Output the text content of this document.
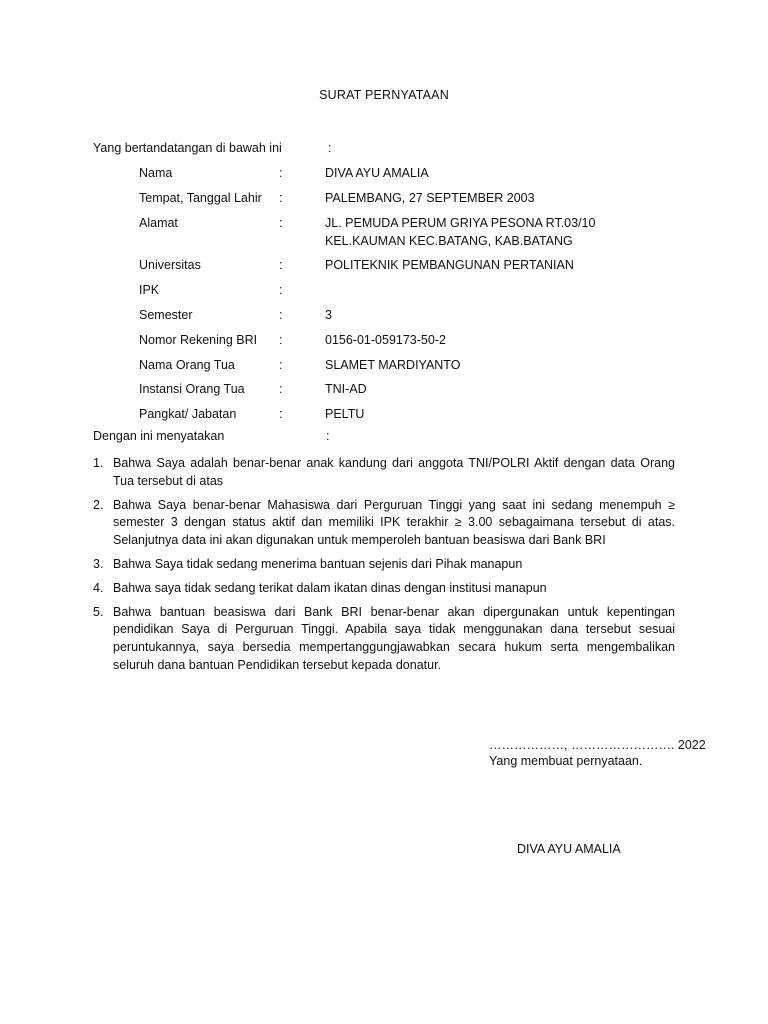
SURAT PERNYATAAN
Yang bertandatangan di bawah ini	:
Nama	:	DIVA AYU AMALIA
Tempat, Tanggal Lahir	:	PALEMBANG, 27 SEPTEMBER 2003
Alamat	:	JL. PEMUDA PERUM GRIYA PESONA RT.03/10 KEL.KAUMAN KEC.BATANG, KAB.BATANG
Universitas	:	POLITEKNIK PEMBANGUNAN PERTANIAN
IPK	:
Semester	:	3
Nomor Rekening BRI	:	0156-01-059173-50-2
Nama Orang Tua	:	SLAMET MARDIYANTO
Instansi Orang Tua	:	TNI-AD
Pangkat/ Jabatan	:	PELTU
Dengan ini menyatakan	:
1. Bahwa Saya adalah benar-benar anak kandung dari anggota TNI/POLRI Aktif dengan data Orang Tua tersebut di atas
2. Bahwa Saya benar-benar Mahasiswa dari Perguruan Tinggi yang saat ini sedang menempuh ≥ semester 3 dengan status aktif dan memiliki IPK terakhir ≥ 3.00 sebagaimana tersebut di atas. Selanjutnya data ini akan digunakan untuk memperoleh bantuan beasiswa dari Bank BRI
3. Bahwa Saya tidak sedang menerima bantuan sejenis dari Pihak manapun
4. Bahwa saya tidak sedang terikat dalam ikatan dinas dengan institusi manapun
5. Bahwa bantuan beasiswa dari Bank BRI benar-benar akan dipergunakan untuk kepentingan pendidikan Saya di Perguruan Tinggi. Apabila saya tidak menggunakan dana tersebut sesuai peruntukannya, saya bersedia mempertanggungjawabkan secara hukum serta mengembalikan seluruh dana bantuan Pendidikan tersebut kepada donatur.
………………, ……………………. 2022
Yang membuat pernyataan.
DIVA AYU AMALIA
